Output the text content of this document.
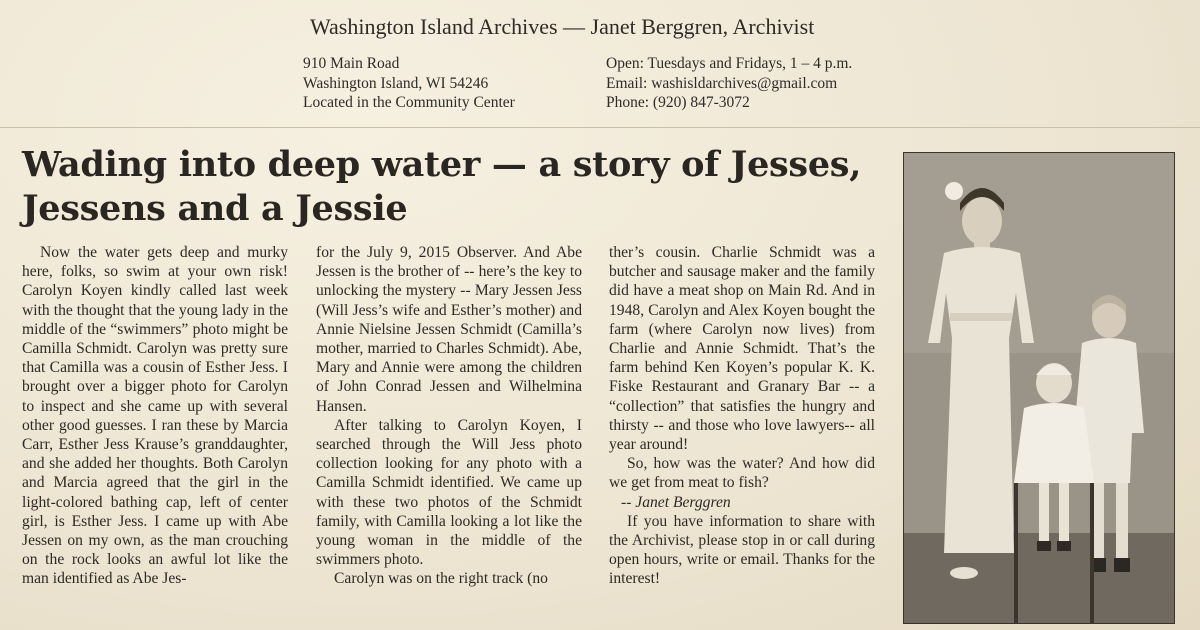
Washington Island Archives — Janet Berggren, Archivist
910 Main Road
Washington Island, WI 54246
Located in the Community Center
Open: Tuesdays and Fridays, 1 – 4 p.m.
Email: washisldarchives@gmail.com
Phone: (920) 847-3072
Wading into deep water — a story of Jesses,
Jessens and a Jessie

Now the water gets deep and murky here, folks, so swim at your own risk! Carolyn Koyen kindly called last week with the thought that the young lady in the middle of the “swimmers” photo might be Camilla Schmidt. Carolyn was pretty sure that Camilla was a cousin of Esther Jess. I brought over a bigger photo for Carolyn to inspect and she came up with several other good guesses. I ran these by Marcia Carr, Esther Jess Krause’s granddaughter, and she added her thoughts. Both Carolyn and Marcia agreed that the girl in the light-colored bathing cap, left of center girl, is Esther Jess. I came up with Abe Jessen on my own, as the man crouching on the rock looks an awful lot like the man identified as Abe Jes-

for the July 9, 2015 Observer. And Abe Jessen is the brother of -- here’s the key to unlocking the mystery -- Mary Jessen Jess (Will Jess’s wife and Esther’s mother) and Annie Nielsine Jessen Schmidt (Camilla’s mother, married to Charles Schmidt). Abe, Mary and Annie were among the children of John Conrad Jessen and Wilhelmina Hansen.

After talking to Carolyn Koyen, I searched through the Will Jess photo collection looking for any photo with a Camilla Schmidt identified. We came up with these two photos of the Schmidt family, with Camilla looking a lot like the young woman in the middle of the swimmers photo.

Carolyn was on the right track (no

ther’s cousin. Charlie Schmidt was a butcher and sausage maker and the family did have a meat shop on Main Rd. And in 1948, Carolyn and Alex Koyen bought the farm (where Carolyn now lives) from Charlie and Annie Schmidt. That’s the farm behind Ken Koyen’s popular K. K. Fiske Restaurant and Granary Bar -- a “collection” that satisfies the hungry and thirsty -- and those who love lawyers-- all year around!

So, how was the water? And how did we get from meat to fish?

-- Janet Berggren

If you have information to share with the Archivist, please stop in or call during open hours, write or email. Thanks for the interest!
